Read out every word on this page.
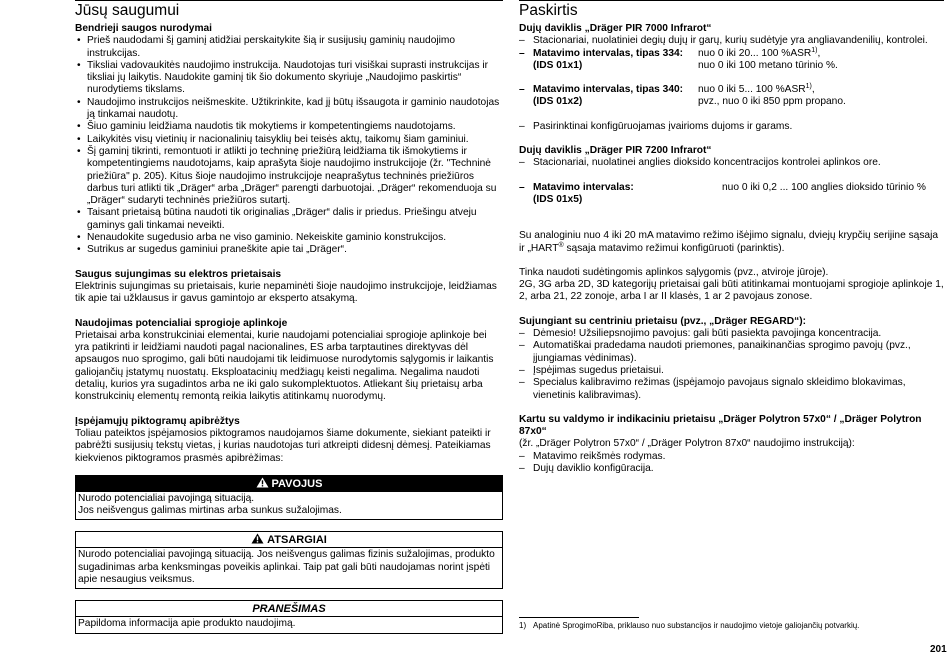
Jūsų saugumui
Bendrieji saugos nurodymai
• Prieš naudodami šį gaminį atidžiai perskaitykite šią ir susijusių gaminių naudojimo instrukcijas.
• Tiksliai vadovaukitės naudojimo instrukcija. Naudotojas turi visiškai suprasti instrukcijas ir tiksliai jų laikytis. Naudokite gaminį tik šio dokumento skyriuje „Naudojimo paskirtis“ nurodytiems tikslams.
• Naudojimo instrukcijos neišmeskite. Užtikrinkite, kad jį būtų išsaugota ir gaminio naudotojas ją tinkamai naudotų.
• Šiuo gaminiu leidžiama naudotis tik mokytiems ir kompetentingiems naudotojams.
• Laikykitės visų vietinių ir nacionalinių taisyklių bei teisės aktų, taikomų šiam gaminiui.
• Šį gaminį tikrinti, remontuoti ir atlikti jo techninę priežiūrą leidžiama tik išmokytiems ir kompetentingiems naudotojams, kaip aprašyta šioje naudojimo instrukcijoje (žr. "Techninė priežiūra" p. 205). Kitus šioje naudojimo instrukcijoje neaprašytus techninės priežiūros darbus turi atlikti tik „Dräger“ arba „Dräger“ parengti darbuotojai. „Dräger“ rekomenduoja su „Dräger“ sudaryti techninės priežiūros sutartį.
• Taisant prietaisą būtina naudoti tik originalias „Dräger“ dalis ir priedus. Priešingu atveju gaminys gali tinkamai neveikti.
• Nenaudokite sugedusio arba ne viso gaminio. Nekeiskite gaminio konstrukcijos.
• Sutrikus ar sugedus gaminiui praneškite apie tai „Dräger“.
Saugus sujungimas su elektros prietaisais

Elektrinis sujungimas su prietaisais, kurie nepaminėti šioje naudojimo instrukcijoje, leidžiamas tik apie tai užklausus ir gavus gamintojo ar eksperto atsakymą.

Naudojimas potencialiai sprogioje aplinkoje

Prietaisai arba konstrukciniai elementai, kurie naudojami potencialiai sprogioje aplinkoje bei yra patikrinti ir leidžiami naudoti pagal nacionalines, ES arba tarptautines direktyvas dėl apsaugos nuo sprogimo, gali būti naudojami tik leidimuose nurodytomis sąlygomis ir laikantis galiojančių įstatymų nuostatų. Eksploatacinių medžiagų keisti negalima. Negalima naudoti detalių, kurios yra sugadintos arba ne iki galo sukomplektuotos. Atliekant šių prietaisų arba konstrukcinių elementų remontą reikia laikytis atitinkamų nuorodymų.

Įspėjamųjų piktogramų apibrėžtys

Toliau pateiktos įspėjamosios piktogramos naudojamos šiame dokumente, siekiant pateikti ir pabrėžti susijusių tekstų vietas, į kurias naudotojas turi atkreipti didesnį dėmesį. Pateikiamas kiekvienos piktogramos prasmės apibrėžimas:

PAVOJUS
Nurodo potencialiai pavojingą situaciją.
Jos neišvengus galimas mirtinas arba sunkus sužalojimas.
ATSARGIAI
Nurodo potencialiai pavojingą situaciją. Jos neišvengus galimas fizinis sužalojimas, produkto sugadinimas arba kenksmingas poveikis aplinkai. Taip pat gali būti naudojamas norint įspėti apie nesaugius veiksmus.
PRANEŠIMAS
Papildoma informacija apie produkto naudojimą.
Paskirtis
Dujų daviklis „Dräger PIR 7000 Infrarot“
– Stacionariai, nuolatiniei degių dujų ir garų, kurių sudėtyje yra angliavandenilių, kontrolei.
– Matavimo intervalas, tipas 334:
(IDS 01x1)
nuo 0 iki 20... 100 %ASR$^{1)}$,
nuo 0 iki 100 metano tūrinio %.
– Matavimo intervalas, tipas 340:
(IDS 01x2)
nuo 0 iki 5... 100 %ASR$^{1)}$,
pvz., nuo 0 iki 850 ppm propano.
– Pasirinktinai konfigūruojamas įvairioms dujoms ir garams.
Dujų daviklis „Dräger PIR 7200 Infrarot“
– Stacionariai, nuolatinei anglies dioksido koncentracijos kontrolei aplinkos ore.
– Matavimo intervalas:
(IDS 01x5)
nuo 0 iki 0,2 ... 100 anglies dioksido tūrinio %

Su analoginiu nuo 4 iki 20 mA matavimo režimo išėjimo signalu, dviejų krypčių serijine sąsaja ir „HART® sąsaja matavimo režimui konfigūruoti (parinktis).

Tinka naudoti sudėtingomis aplinkos sąlygomis (pvz., atviroje jūroje).

2G, 3G arba 2D, 3D kategorijų prietaisai gali būti atitinkamai montuojami sprogioje aplinkoje 1, 2, arba 21, 22 zonoje, arba I ar II klasės, 1 ar 2 pavojaus zonose.

Sujungiant su centriniu prietaisu (pvz., „Dräger REGARD“):
– Dėmesio! Užsiliepsnojimo pavojus: gali būti pasiekta pavojinga koncentracija.
– Automatiškai pradedama naudoti priemones, panaikinančias sprogimo pavojų (pvz., įjungiamas vėdinimas).
– Įspėjimas sugedus prietaisui.
– Specialus kalibravimo režimas (įspėjamojo pavojaus signalo skleidimo blokavimas, vienetinis kalibravimas).
Kartu su valdymo ir indikaciniu prietaisu „Dräger Polytron 57x0“ / „Dräger Polytron 87x0“

(žr. „Dräger Polytron 57x0“ / „Dräger Polytron 87x0“ naudojimo instrukciją):

– Matavimo reikšmės rodymas.
– Dujų daviklio konfigūracija.
1) Apatinė SprogimoRiba, priklauso nuo substancijos ir naudojimo vietoje galiojančių potvarkių.
201
